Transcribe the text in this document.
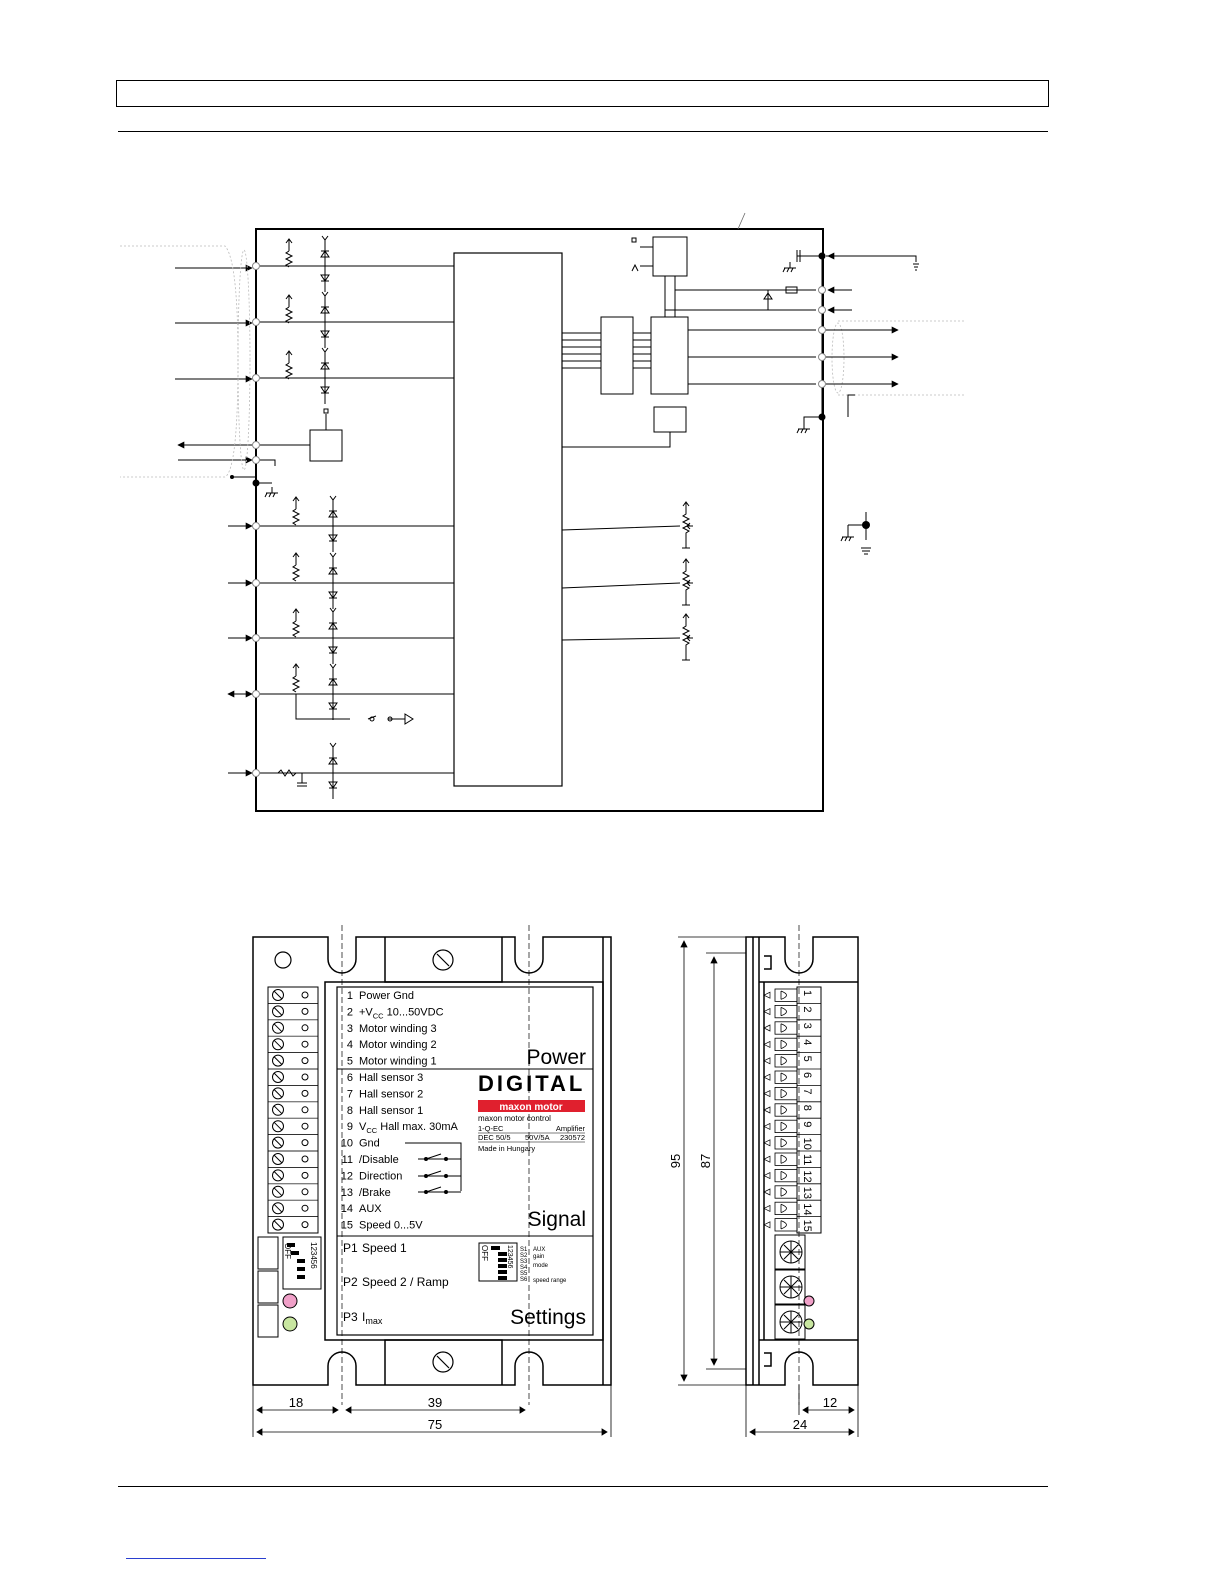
OFF 123456
1 Power Gnd
$2 +V_{CC}$ 10...50VDC
3 Motor winding 3
4 Motor winding 2
5 Motor winding 1
6 Hall sensor 3
7 Hall sensor 2
8 Hall sensor 1
9 $V_{CC}$ Hall max. 30mA
10 Gnd
11 /Disable
12 Direction
13 /Brake
14 AUX
15 Speed 0...5V
Power
Signal
Settings
DIGITAL
maxon motor
maxon motor control
1-Q-EC	Amplifier
DEC 50/5 50V/5A 230572
Made in Hungary
P1 Speed 1
P2 Speed 2 / Ramp
P3 $I_{max}$
OFF 123456 S1
S2
S3
S4
S5
S6
AUX
gain
mode
speed range
18	39
75
1
2
3
4
5
6
7
8
9
10
11
12
13
14
15
95 87
12
24
